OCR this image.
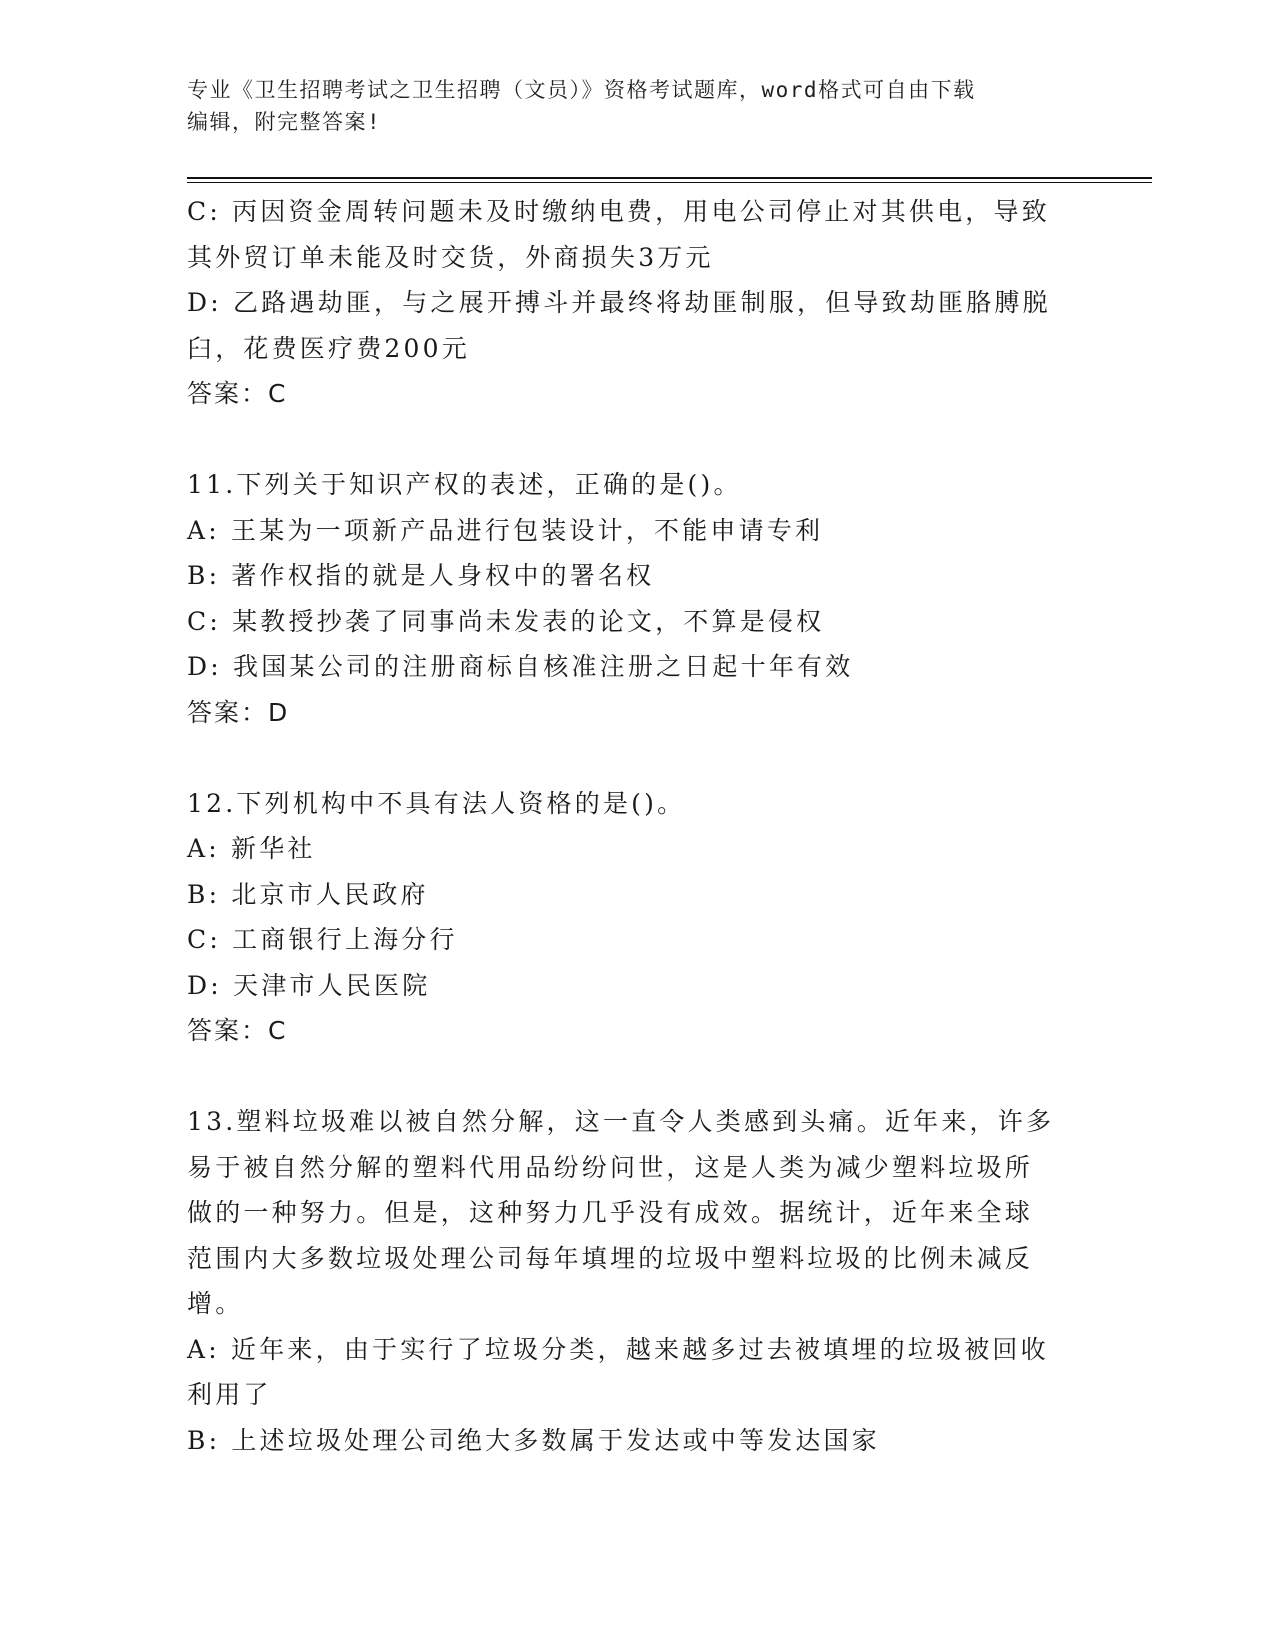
专业《卫生招聘考试之卫生招聘（文员）》资格考试题库，word格式可自由下载
编辑，附完整答案!
C: 丙因资金周转问题未及时缴纳电费，用电公司停止对其供电，导致
其外贸订单未能及时交货，外商损失3万元
D: 乙路遇劫匪，与之展开搏斗并最终将劫匪制服，但导致劫匪胳膊脱
臼，花费医疗费200元
答案：C
11.下列关于知识产权的表述，正确的是()。
A: 王某为一项新产品进行包装设计，不能申请专利
B: 著作权指的就是人身权中的署名权
C: 某教授抄袭了同事尚未发表的论文，不算是侵权
D: 我国某公司的注册商标自核准注册之日起十年有效
答案：D
12.下列机构中不具有法人资格的是()。
A: 新华社
B: 北京市人民政府
C: 工商银行上海分行
D: 天津市人民医院
答案：C
13.塑料垃圾难以被自然分解，这一直令人类感到头痛。近年来，许多
易于被自然分解的塑料代用品纷纷问世，这是人类为减少塑料垃圾所
做的一种努力。但是，这种努力几乎没有成效。据统计，近年来全球
范围内大多数垃圾处理公司每年填埋的垃圾中塑料垃圾的比例未减反
增。
A: 近年来，由于实行了垃圾分类，越来越多过去被填埋的垃圾被回收
利用了
B: 上述垃圾处理公司绝大多数属于发达或中等发达国家
